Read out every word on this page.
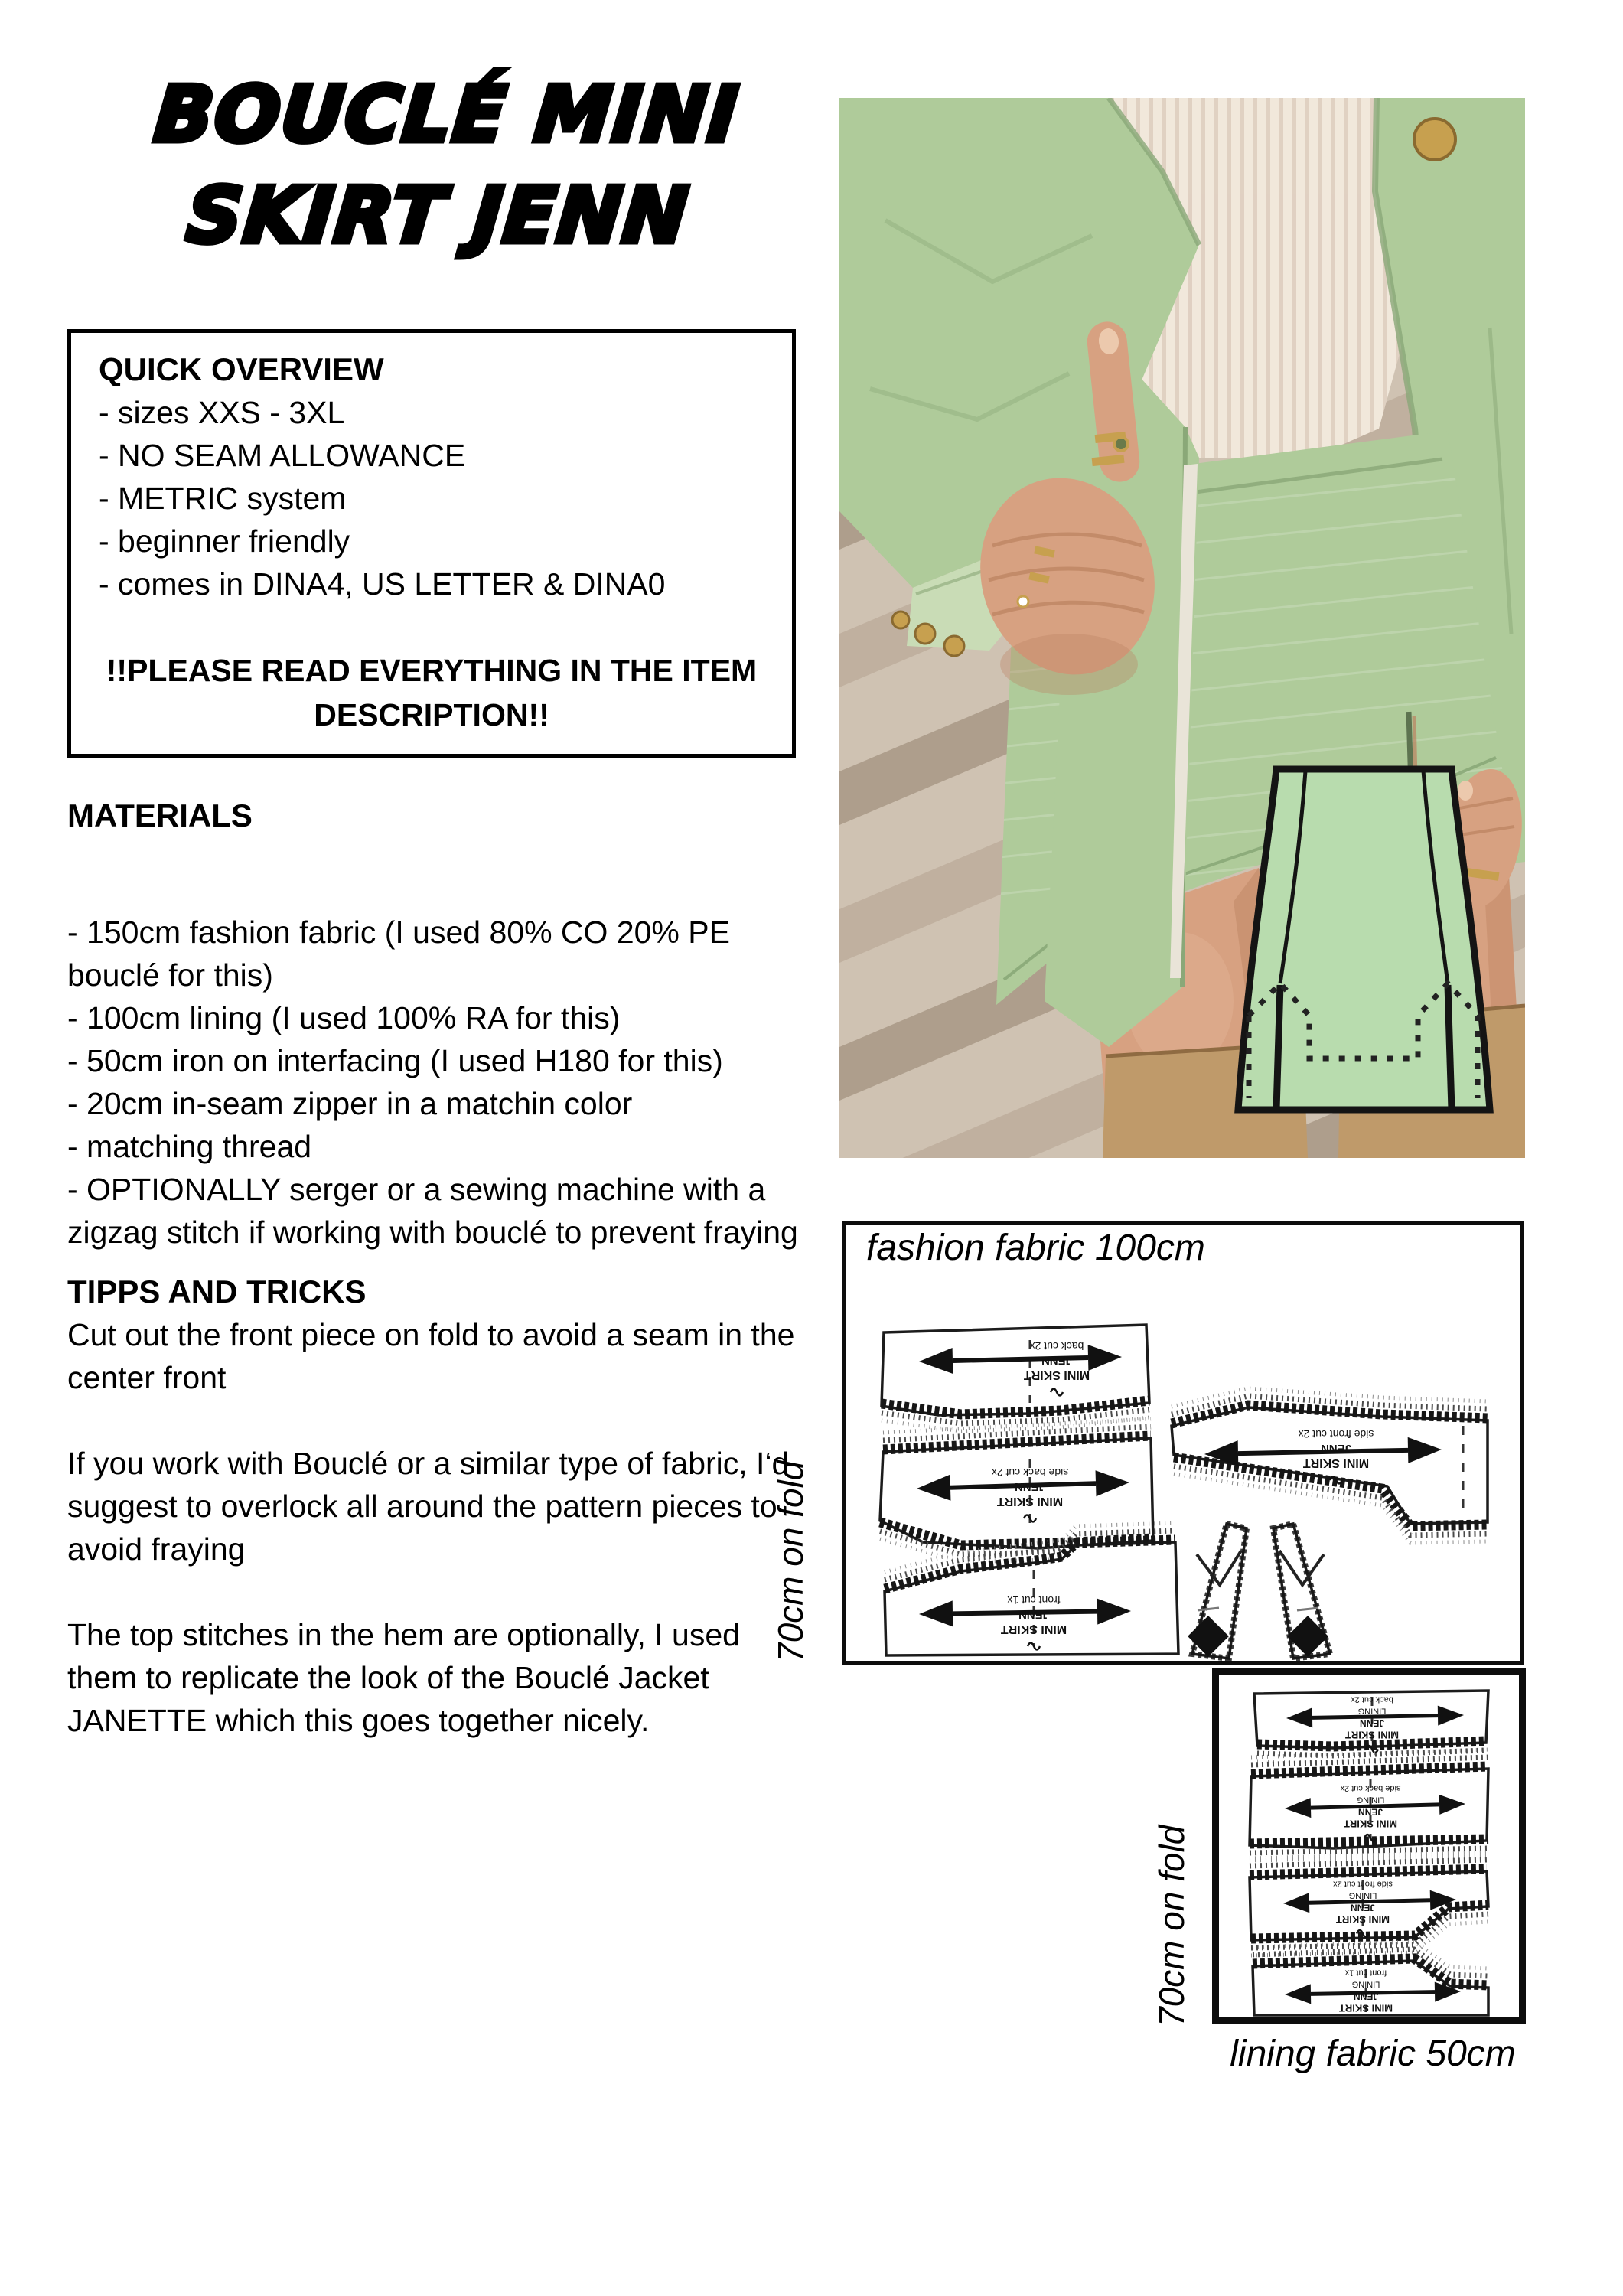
BOUCLÉ MINI
SKIRT JENN
QUICK OVERVIEW
- sizes XXS - 3XL
- NO SEAM ALLOWANCE
- METRIC system
- beginner friendly
- comes in DINA4, US LETTER & DINA0
!!PLEASE READ EVERYTHING IN THE ITEM
DESCRIPTION!!
MATERIALS
- 150cm fashion fabric (I used 80% CO 20% PE bouclé for this)
- 100cm lining (I used 100% RA for this)
- 50cm iron on interfacing (I used H180 for this)
- 20cm in-seam zipper in a matchin color
- matching thread
- OPTIONALLY serger or a sewing machine with a zigzag stitch if working with bouclé to prevent fraying
TIPPS AND TRICKS

Cut out the front piece on fold to avoid a seam in the center front

If you work with Bouclé or a similar type of fabric, I‘d suggest to overlock all around the pattern pieces to avoid fraying

The top stitches in the hem are optionally, I used them to replicate the look of the Bouclé Jacket JANETTE which this goes together nicely.

fashion fabric 100cm
MINI SKIRT
JENN
back cut 2x
MINI SKIRT
JENN
side back cut 2x
MINI SKIRT
JENN
front cut 1x
MINI SKIRT
JENN
side front cut 2x
70cm on fold
MINI SKIRT
JENN
LINING
back cut 2x
MINI SKIRT
JENN
LINING
side back cut 2x
MINI SKIRT
JENN
LINING
side front cut 2x
MINI SKIRT
JENN
LINING
front cut 1x
70cm on fold
lining fabric 50cm
